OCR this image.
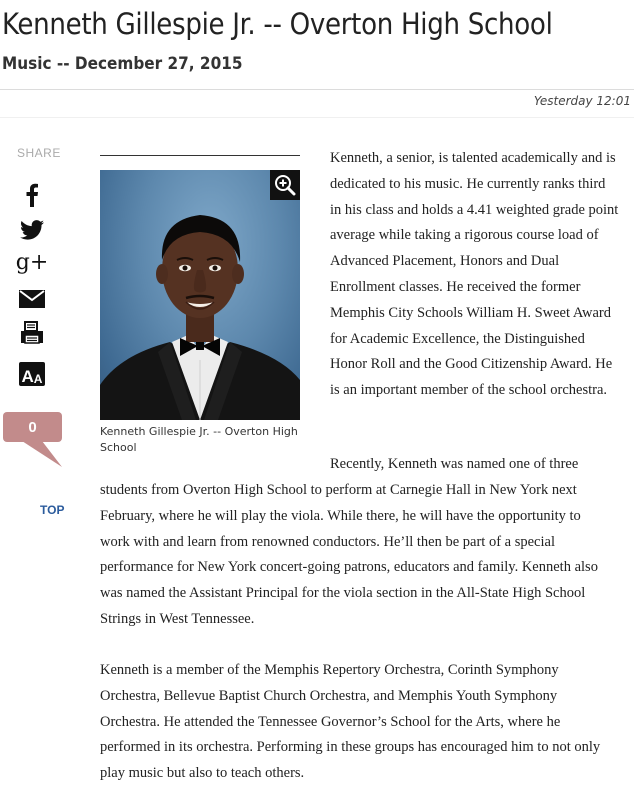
Kenneth Gillespie Jr. -- Overton High School
Music -- December 27, 2015
Yesterday 12:01
SHARE
g+
A A
0
TOP
Kenneth Gillespie Jr. -- Overton High School

Kenneth, a senior, is talented academically and is dedicated to his music. He currently ranks third in his class and holds a 4.41 weighted grade point average while taking a rigorous course load of Advanced Placement, Honors and Dual Enrollment classes. He received the former Memphis City Schools William H. Sweet Award for Academic Excellence, the Distinguished Honor Roll and the Good Citizenship Award. He is an important member of the school orchestra.

Recently, Kenneth was named one of three

students from Overton High School to perform at Carnegie Hall in New York next February, where he will play the viola. While there, he will have the opportunity to work with and learn from renowned conductors. He’ll then be part of a special performance for New York concert-going patrons, educators and family. Kenneth also was named the Assistant Principal for the viola section in the All-State High School Strings in West Tennessee.

Kenneth is a member of the Memphis Repertory Orchestra, Corinth Symphony Orchestra, Bellevue Baptist Church Orchestra, and Memphis Youth Symphony Orchestra. He attended the Tennessee Governor’s School for the Arts, where he performed in its orchestra. Performing in these groups has encouraged him to not only play music but also to teach others.
